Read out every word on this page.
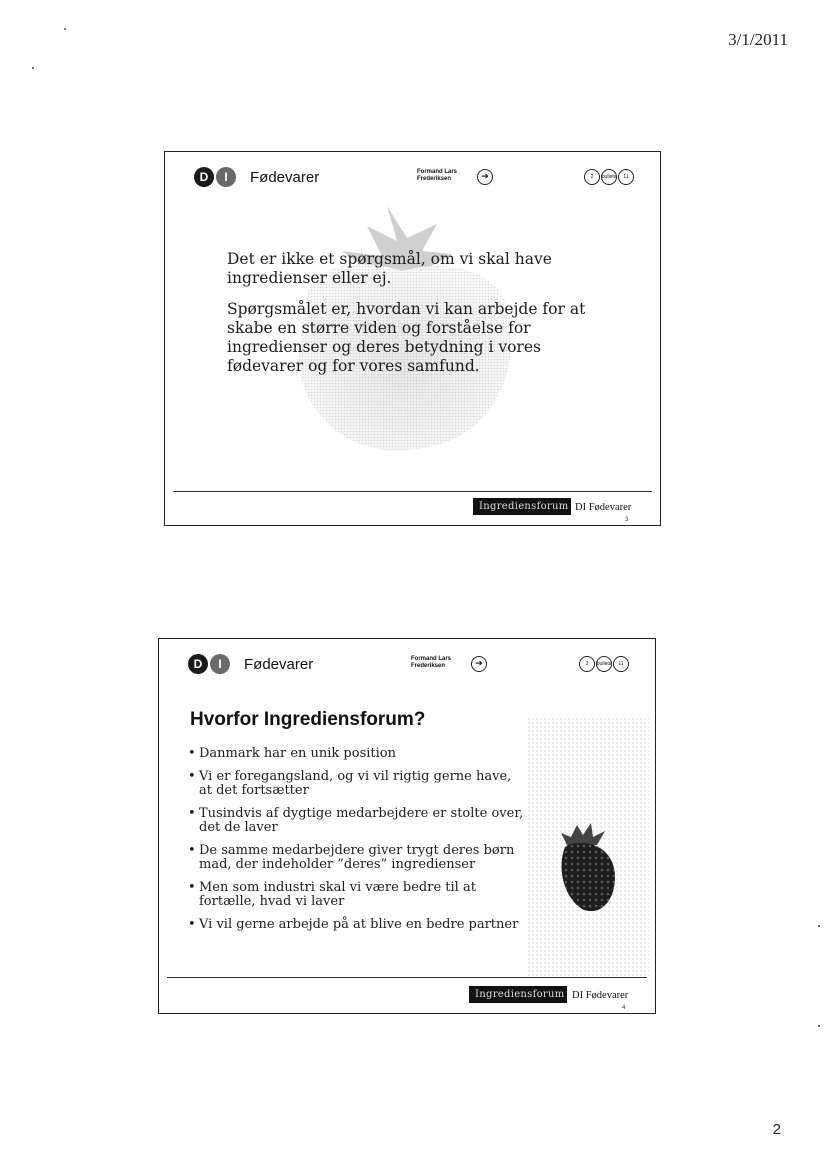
3/1/2011
D	I	Fødevarer	Formand Lars
Frederiksen	➔	2	bullets	11

Det er ikke et spørgsmål, om vi skal have ingredienser eller ej.

Spørgsmålet er, hvordan vi kan arbejde for at skabe en større viden og forståelse for ingredienser og deres betydning i vores fødevarer og for vores samfund.

Ingrediensforum DI Fødevarer
3
D	I	Fødevarer	Formand Lars
Frederiksen	➔	2	bullets	11
Hvorfor Ingrediensforum?
• Danmark har en unik position
• Vi er foregangsland, og vi vil rigtig gerne have, at det fortsætter
• Tusindvis af dygtige medarbejdere er stolte over, det de laver
• De samme medarbejdere giver trygt deres børn mad, der indeholder ”deres” ingredienser
• Men som industri skal vi være bedre til at fortælle, hvad vi laver
• Vi vil gerne arbejde på at blive en bedre partner
Ingrediensforum DI Fødevarer
4
2
